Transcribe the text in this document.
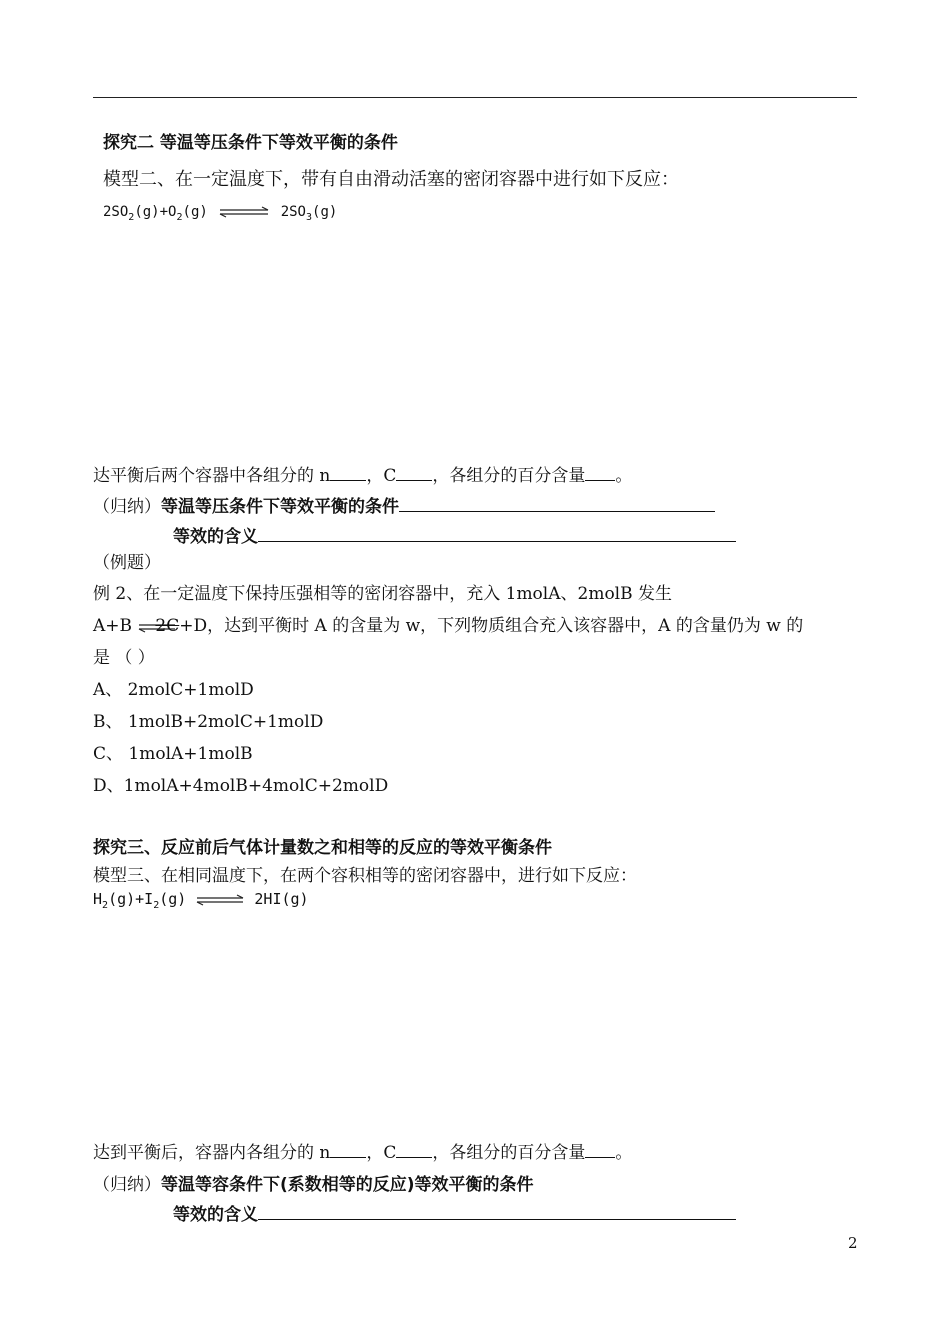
探究二 等温等压条件下等效平衡的条件
模型二、在一定温度下，带有自由滑动活塞的密闭容器中进行如下反应：
$2SO_2(g)+O_2(g)$ ⇌ $2SO_3(g)$
达平衡后两个容器中各组分的 n ，C ，各组分的百分含量 。
（归纳）等温等压条件下等效平衡的条件
等效的含义
（例题）
例 2、在一定温度下保持压强相等的密闭容器中，充入 1molA、2molB 发生
A+B 2C+D，达到平衡时 A 的含量为 w，下列物质组合充入该容器中，A 的含量仍为 w 的
是 （ ）
A、 2molC+1molD
B、 1molB+2molC+1molD
C、 1molA+1molB
D、1molA+4molB+4molC+2molD
探究三、反应前后气体计量数之和相等的反应的等效平衡条件
模型三、在相同温度下，在两个容积相等的密闭容器中，进行如下反应：
$H_2(g)+I_2(g)$ ⇌ 2HI(g)
达到平衡后，容器内各组分的 n ，C ，各组分的百分含量 。
（归纳）等温等容条件下(系数相等的反应)等效平衡的条件
等效的含义
2
